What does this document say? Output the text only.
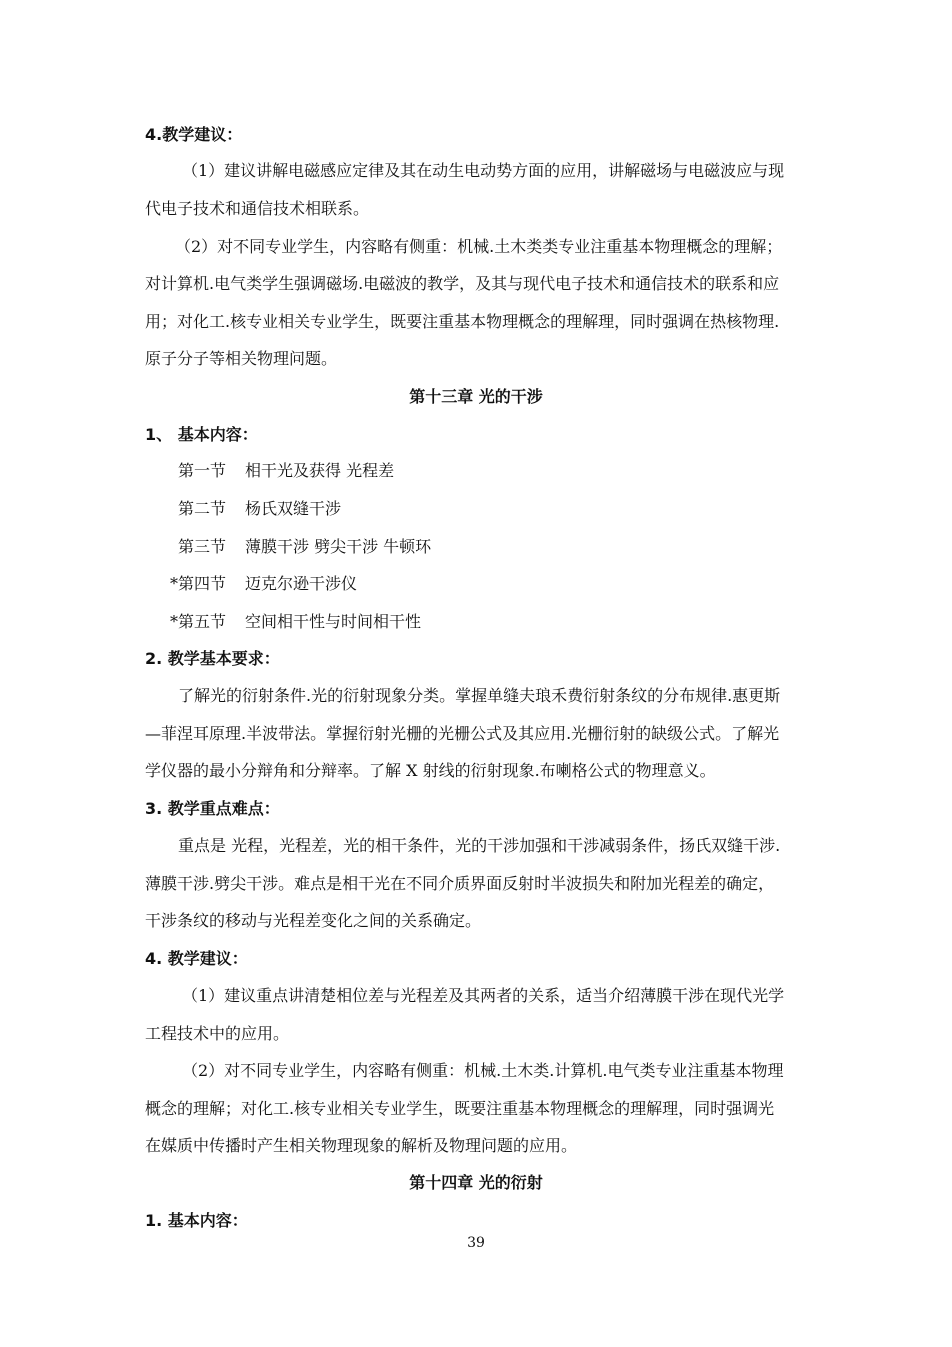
4.教学建议：
（1）建议讲解电磁感应定律及其在动生电动势方面的应用，讲解磁场与电磁波应与现
代电子技术和通信技术相联系。
（2）对不同专业学生，内容略有侧重：机械.土木类类专业注重基本物理概念的理解；
对计算机.电气类学生强调磁场.电磁波的教学，及其与现代电子技术和通信技术的联系和应
用；对化工.核专业相关专业学生，既要注重基本物理概念的理解理，同时强调在热核物理.
原子分子等相关物理问题。
第十三章 光的干涉
1、 基本内容：
第一节 相干光及获得 光程差
第二节 杨氏双缝干涉
第三节 薄膜干涉 劈尖干涉 牛顿环
*第四节 迈克尔逊干涉仪
*第五节 空间相干性与时间相干性
2. 教学基本要求：
了解光的衍射条件.光的衍射现象分类。掌握单缝夫琅禾费衍射条纹的分布规律.惠更斯
—菲涅耳原理.半波带法。掌握衍射光栅的光栅公式及其应用.光栅衍射的缺级公式。了解光
学仪器的最小分辩角和分辩率。了解 X 射线的衍射现象.布喇格公式的物理意义。
3. 教学重点难点：
重点是 光程，光程差，光的相干条件，光的干涉加强和干涉减弱条件，扬氏双缝干涉.
薄膜干涉.劈尖干涉。难点是相干光在不同介质界面反射时半波损失和附加光程差的确定，
干涉条纹的移动与光程差变化之间的关系确定。
4. 教学建议：
（1）建议重点讲清楚相位差与光程差及其两者的关系，适当介绍薄膜干涉在现代光学
工程技术中的应用。
（2）对不同专业学生，内容略有侧重：机械.土木类.计算机.电气类专业注重基本物理
概念的理解；对化工.核专业相关专业学生，既要注重基本物理概念的理解理，同时强调光
在媒质中传播时产生相关物理现象的解析及物理问题的应用。
第十四章 光的衍射
1. 基本内容：
39
